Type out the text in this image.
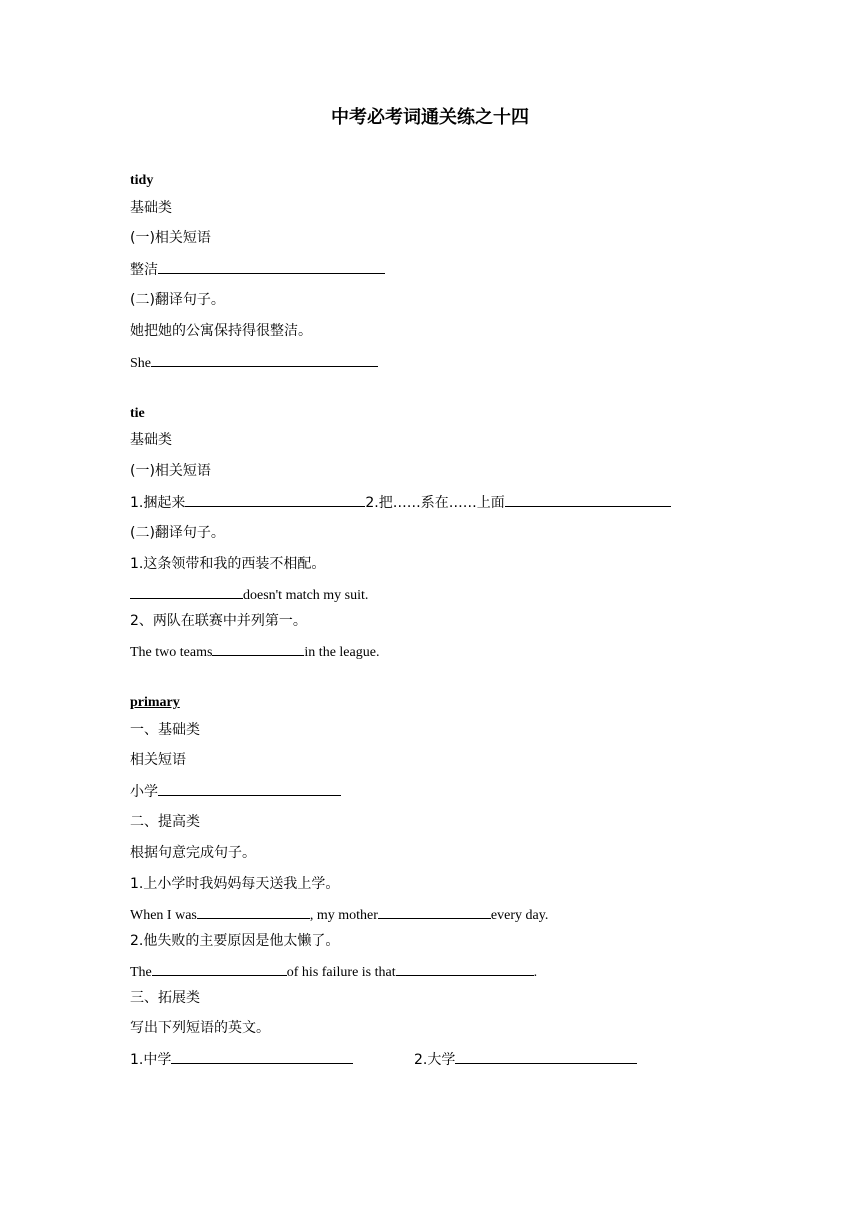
中考必考词通关练之十四
tidy
基础类
(一)相关短语
整洁
(二)翻译句子。
她把她的公寓保持得很整洁。
She
tie
基础类
(一)相关短语
1.捆起来	2.把……系在……上面
(二)翻译句子。
1.这条领带和我的西装不相配。
doesn't match my suit.
2、两队在联赛中并列第一。
The two teams	in the league.
primary
一、基础类
相关短语
小学
二、提高类
根据句意完成句子。
1.上小学时我妈妈每天送我上学。
When I was	, my mother	every day.
2.他失败的主要原因是他太懒了。
The	of his failure is that	.
三、拓展类
写出下列短语的英文。
1.中学	2.大学
